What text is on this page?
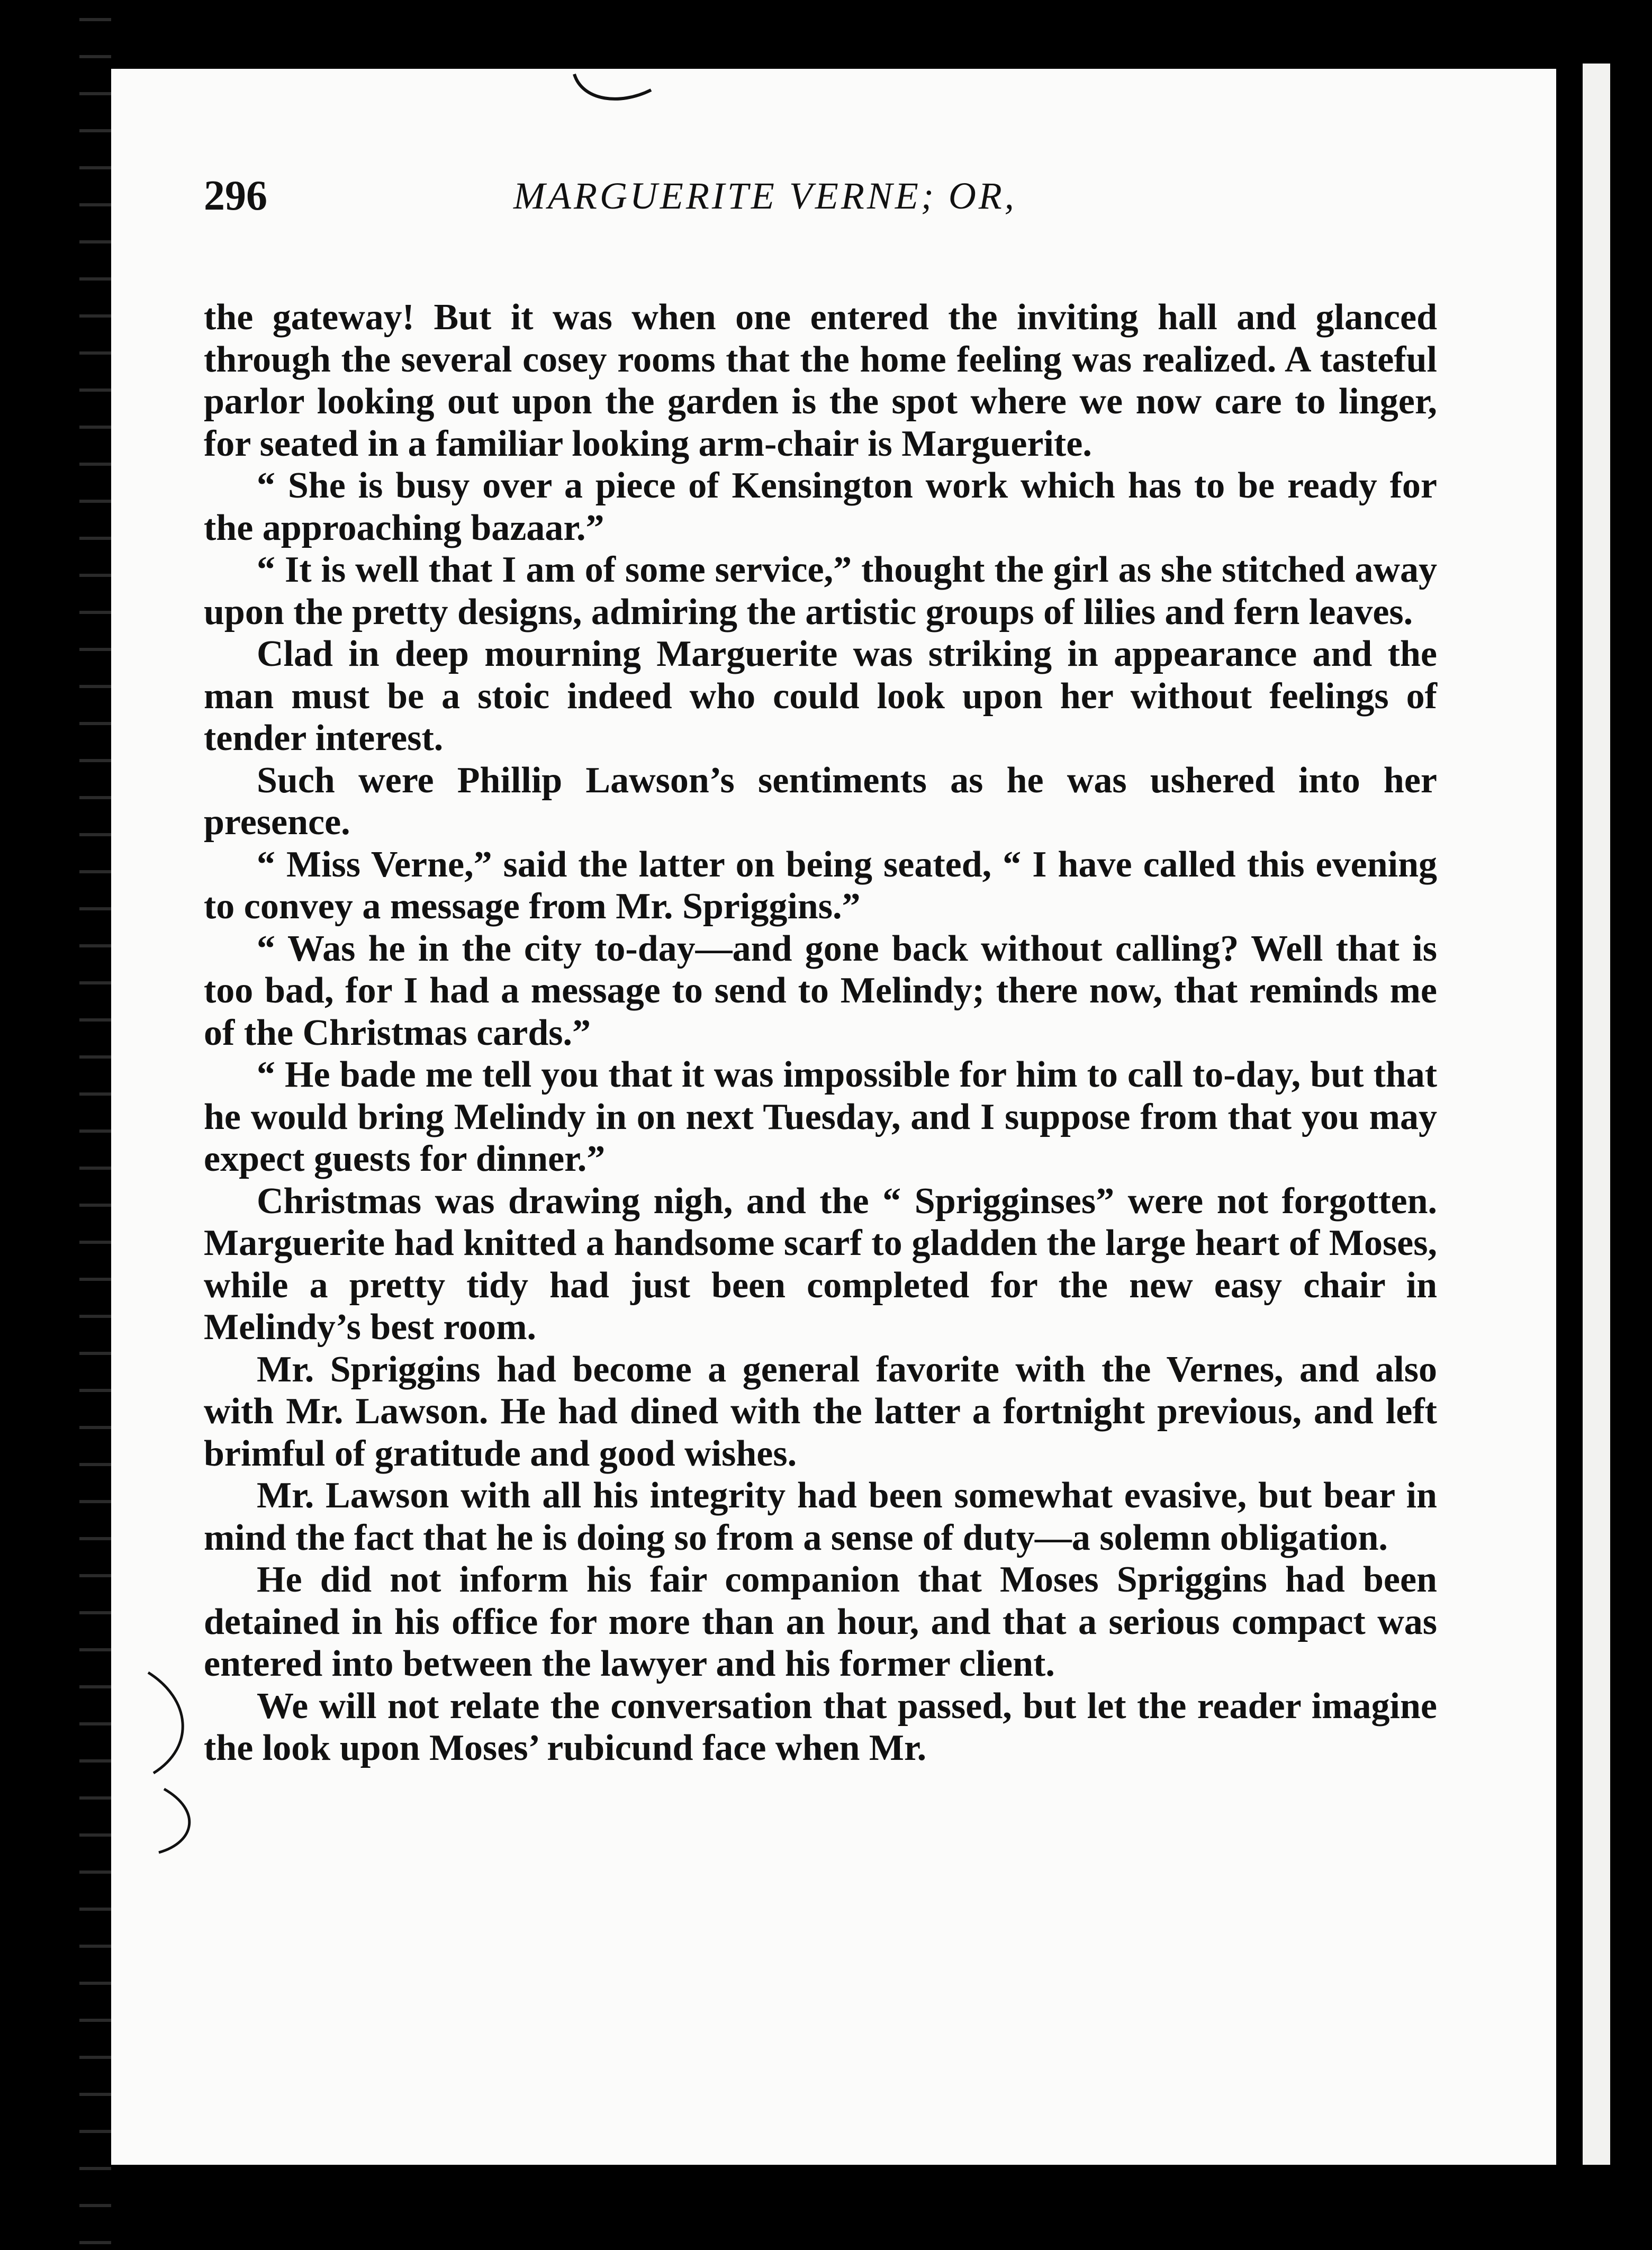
296	MARGUERITE VERNE; OR,

the gateway! But it was when one entered the inviting hall and glanced through the several cosey rooms that the home feeling was realized. A tasteful parlor looking out upon the garden is the spot where we now care to linger, for seated in a familiar looking arm-chair is Marguerite.

“ She is busy over a piece of Kensington work which has to be ready for the approaching bazaar.”

“ It is well that I am of some service,” thought the girl as she stitched away upon the pretty designs, admiring the artistic groups of lilies and fern leaves.

Clad in deep mourning Marguerite was striking in appearance and the man must be a stoic indeed who could look upon her without feelings of tender interest.

Such were Phillip Lawson’s sentiments as he was ushered into her presence.

“ Miss Verne,” said the latter on being seated, “ I have called this evening to convey a message from Mr. Spriggins.”

“ Was he in the city to-day—and gone back without calling? Well that is too bad, for I had a message to send to Melindy; there now, that reminds me of the Christmas cards.”

“ He bade me tell you that it was impossible for him to call to-day, but that he would bring Melindy in on next Tuesday, and I suppose from that you may expect guests for dinner.”

Christmas was drawing nigh, and the “ Sprigginses” were not forgotten. Marguerite had knitted a handsome scarf to gladden the large heart of Moses, while a pretty tidy had just been completed for the new easy chair in Melindy’s best room.

Mr. Spriggins had become a general favorite with the Vernes, and also with Mr. Lawson. He had dined with the latter a fortnight previous, and left brimful of gratitude and good wishes.

Mr. Lawson with all his integrity had been somewhat evasive, but bear in mind the fact that he is doing so from a sense of duty—a solemn obligation.

He did not inform his fair companion that Moses Spriggins had been detained in his office for more than an hour, and that a serious compact was entered into between the lawyer and his former client.

We will not relate the conversation that passed, but let the reader imagine the look upon Moses’ rubicund face when Mr.
